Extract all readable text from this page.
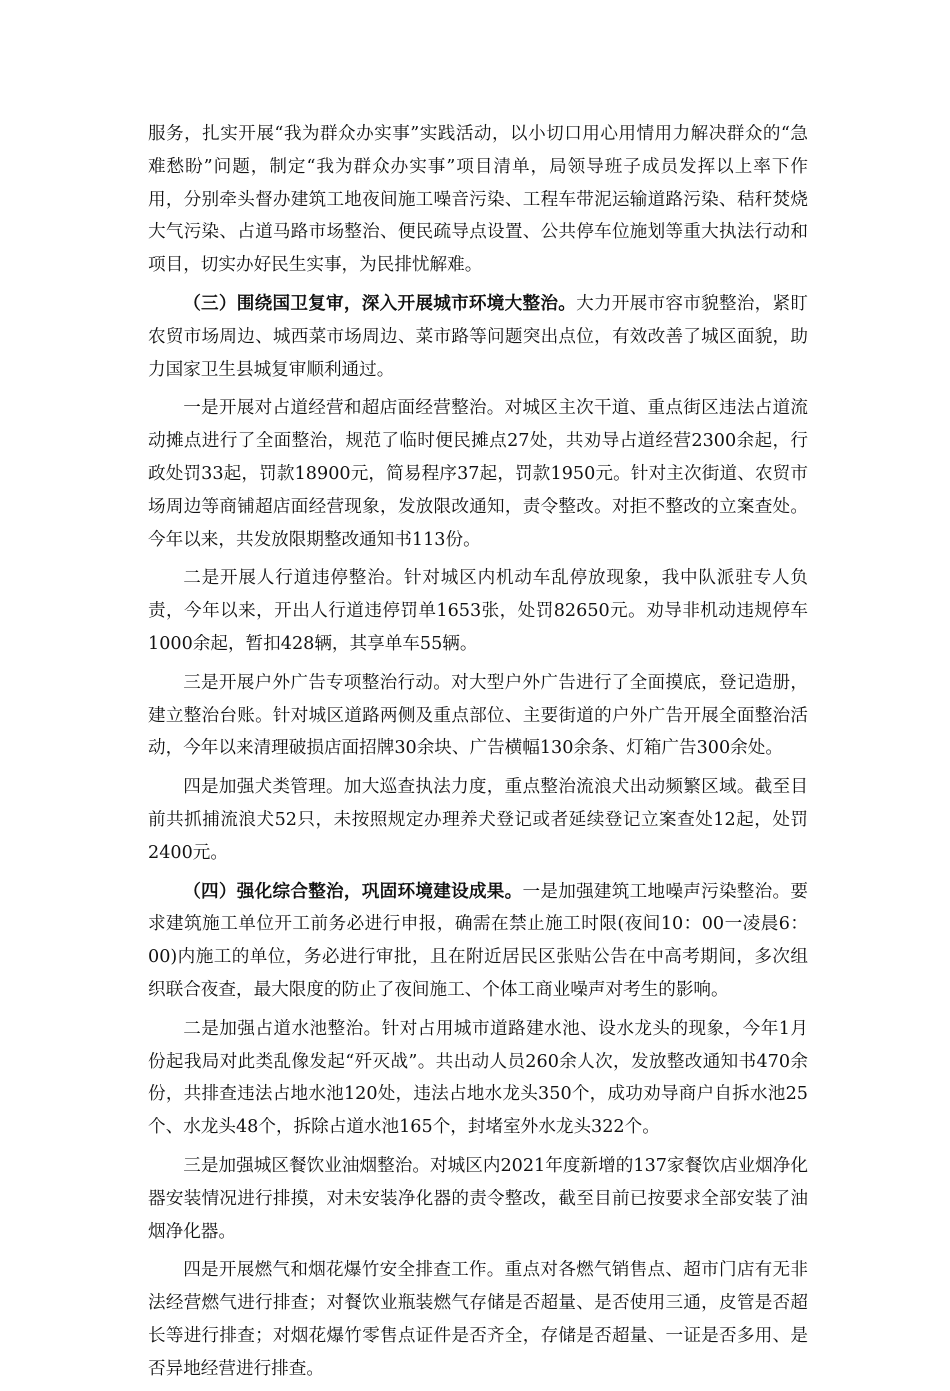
服务，扎实开展“我为群众办实事”实践活动，以小切口用心用情用力解决群众的“急难愁盼”问题，制定“我为群众办实事”项目清单，局领导班子成员发挥以上率下作用，分别牵头督办建筑工地夜间施工噪音污染、工程车带泥运输道路污染、秸秆焚烧大气污染、占道马路市场整治、便民疏导点设置、公共停车位施划等重大执法行动和项目，切实办好民生实事，为民排忧解难。

（三）围绕国卫复审，深入开展城市环境大整治。大力开展市容市貌整治，紧盯农贸市场周边、城西菜市场周边、菜市路等问题突出点位，有效改善了城区面貌，助力国家卫生县城复审顺利通过。

一是开展对占道经营和超店面经营整治。对城区主次干道、重点街区违法占道流动摊点进行了全面整治，规范了临时便民摊点27处，共劝导占道经营2300余起，行政处罚33起，罚款18900元，简易程序37起，罚款1950元。针对主次街道、农贸市场周边等商铺超店面经营现象，发放限改通知，责令整改。对拒不整改的立案查处。今年以来，共发放限期整改通知书113份。

二是开展人行道违停整治。针对城区内机动车乱停放现象，我中队派驻专人负责，今年以来，开出人行道违停罚单1653张，处罚82650元。劝导非机动违规停车1000余起，暂扣428辆，其享单车55辆。

三是开展户外广告专项整治行动。对大型户外广告进行了全面摸底，登记造册，建立整治台账。针对城区道路两侧及重点部位、主要街道的户外广告开展全面整治活动，今年以来清理破损店面招牌30余块、广告横幅130余条、灯箱广告300余处。

四是加强犬类管理。加大巡查执法力度，重点整治流浪犬出动频繁区域。截至目前共抓捕流浪犬52只，未按照规定办理养犬登记或者延续登记立案查处12起，处罚2400元。

（四）强化综合整治，巩固环境建设成果。一是加强建筑工地噪声污染整治。要求建筑施工单位开工前务必进行申报，确需在禁止施工时限(夜间10：00一凌晨6：00)内施工的单位，务必进行审批，且在附近居民区张贴公告在中高考期间，多次组织联合夜查，最大限度的防止了夜间施工、个体工商业噪声对考生的影响。

二是加强占道水池整治。针对占用城市道路建水池、设水龙头的现象，今年1月份起我局对此类乱像发起“歼灭战”。共出动人员260余人次，发放整改通知书470余份，共排查违法占地水池120处，违法占地水龙头350个，成功劝导商户自拆水池25个、水龙头48个，拆除占道水池165个，封堵室外水龙头322个。

三是加强城区餐饮业油烟整治。对城区内2021年度新增的137家餐饮店业烟净化器安装情况进行排摸，对未安装净化器的责令整改，截至目前已按要求全部安装了油烟净化器。

四是开展燃气和烟花爆竹安全排查工作。重点对各燃气销售点、超市门店有无非法经营燃气进行排查；对餐饮业瓶装燃气存储是否超量、是否使用三通，皮管是否超长等进行排查；对烟花爆竹零售点证件是否齐全，存储是否超量、一证是否多用、是否异地经营进行排查。
